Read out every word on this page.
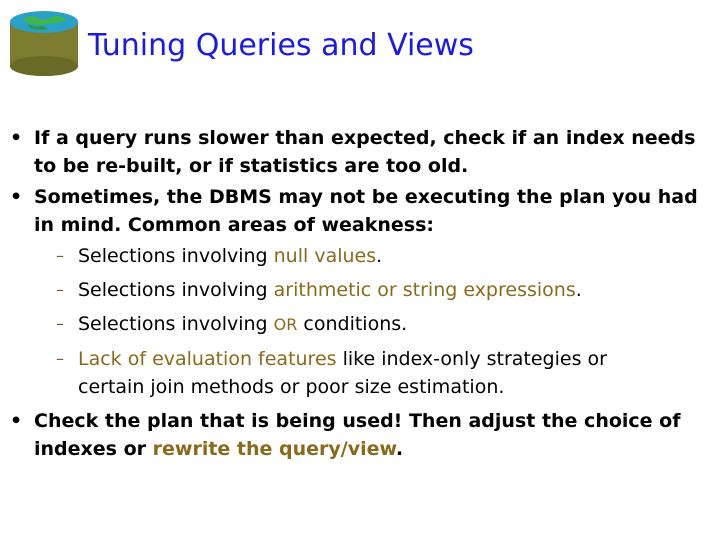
Tuning Queries and Views
• If a query runs slower than expected, check if an index needs to be re-built, or if statistics are too old.
• Sometimes, the DBMS may not be executing the plan you had in mind. Common areas of weakness:
– Selections involving null values.
– Selections involving arithmetic or string expressions.
– Selections involving OR conditions.
– Lack of evaluation features like index-only strategies or certain join methods or poor size estimation.
• Check the plan that is being used! Then adjust the choice of indexes or rewrite the query/view.
